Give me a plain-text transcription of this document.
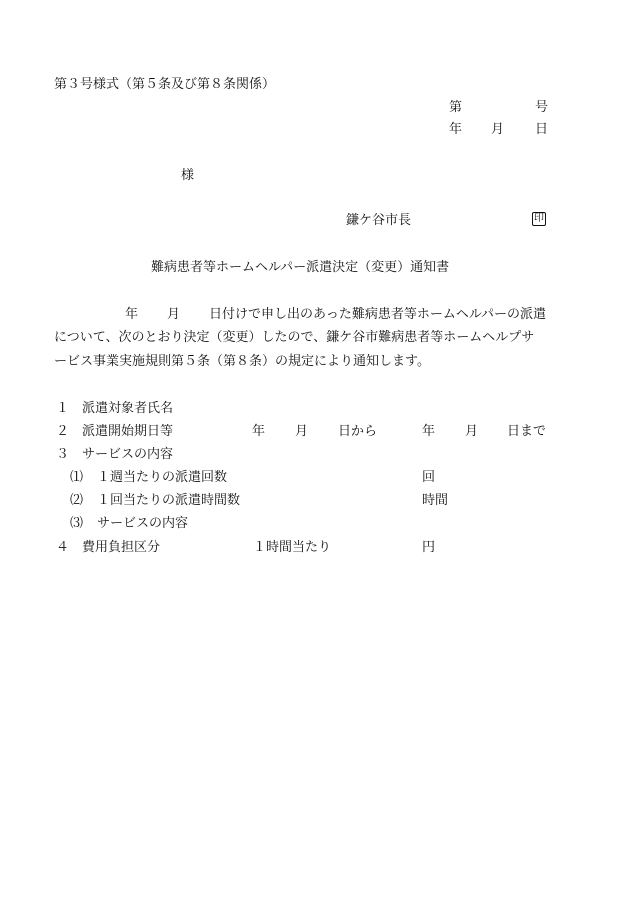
第３号様式（第５条及び第８条関係）
第	号
年 月 日
様
鎌ケ谷市長	印
難病患者等ホームヘルパー派遣決定（変更）通知書
年 月 日付けで申し出のあった難病患者等ホームヘルパーの派遣
について、次のとおり決定（変更）したので、鎌ケ谷市難病患者等ホームヘルプサ
ービス事業実施規則第５条（第８条）の規定により通知します。
１ 派遣対象者氏名
２ 派遣開始期日等	年 月 日から	年 月 日まで
３ サービスの内容
⑴ １週当たりの派遣回数	回
⑵ １回当たりの派遣時間数	時間
⑶ サービスの内容
４ 費用負担区分	１時間当たり	円
